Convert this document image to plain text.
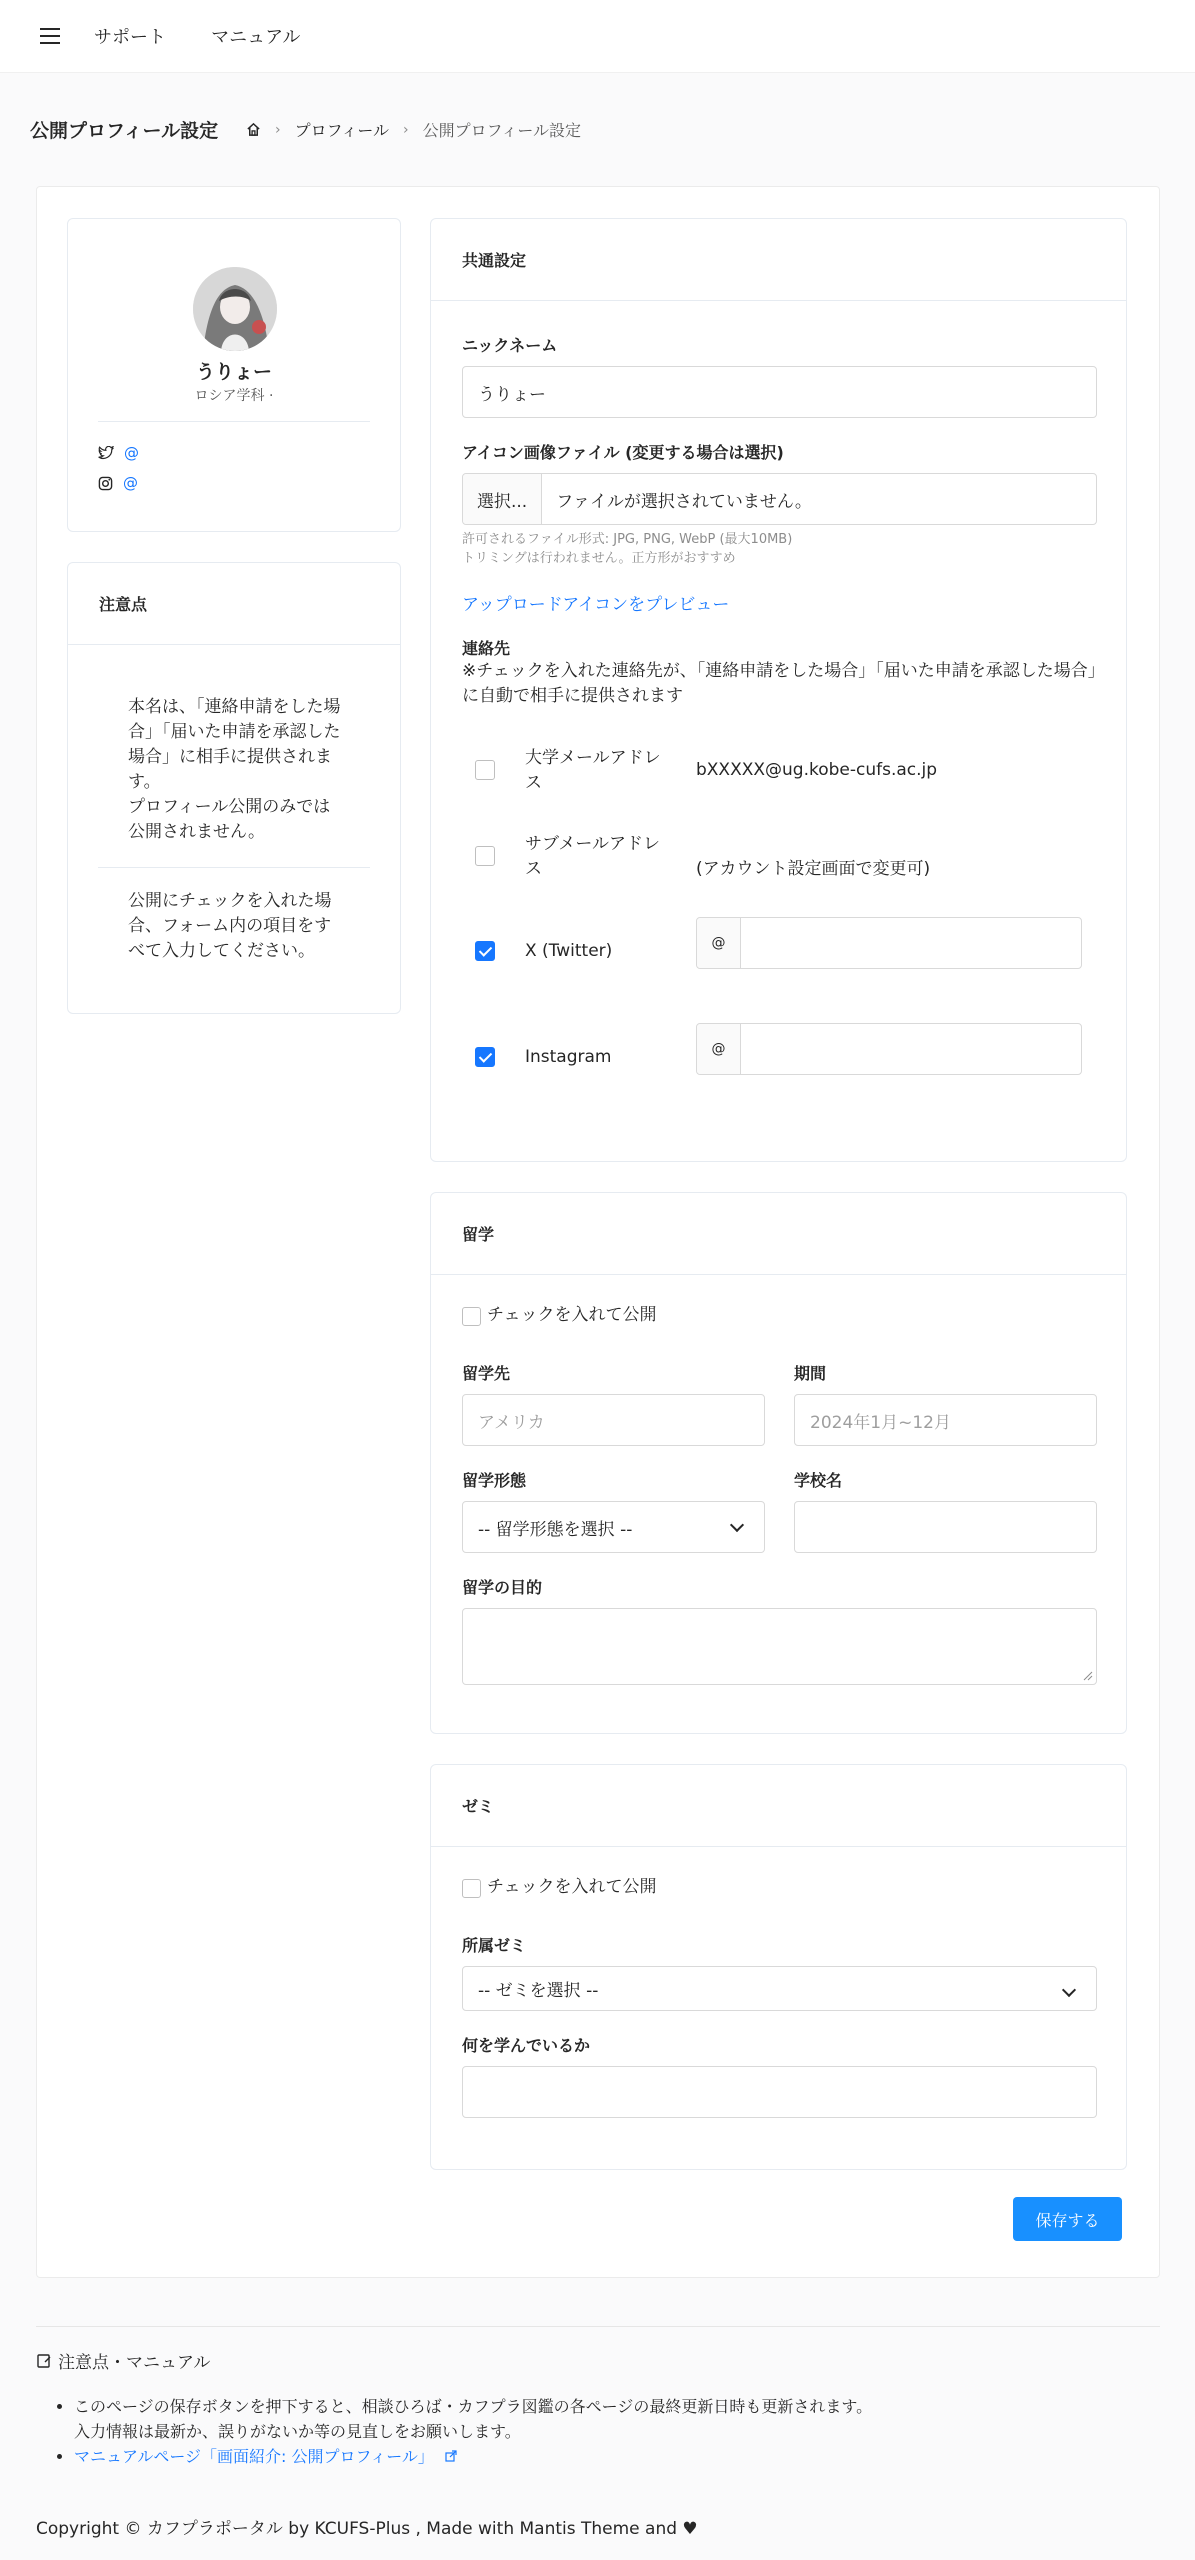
サポート	マニュアル
公開プロフィール設定	› プロフィール › 公開プロフィール設定
うりょー
ロシア学科 ·
@
@
注意点
本名は、「連絡申請をした場合」「届いた申請を承認した場合」に相手に提供されます。
プロフィール公開のみでは公開されません。
公開にチェックを入れた場合、フォーム内の項目をすべて入力してください。
共通設定
ニックネーム
うりょー
アイコン画像ファイル (変更する場合は選択)
選択...	ファイルが選択されていません。
許可されるファイル形式: JPG, PNG, WebP (最大10MB)
トリミングは行われません。正方形がおすすめ
アップロードアイコンをプレビュー
連絡先
※チェックを入れた連絡先が、「連絡申請をした場合」「届いた申請を承認した場合」に自動で相手に提供されます
大学メールアドレス
bXXXXX@ug.kobe-cufs.ac.jp
サブメールアドレス	(アカウント設定画面で変更可)
X (Twitter)	@
Instagram	@
留学
チェックを入れて公開
留学先
アメリカ
期間
2024年1月~12月
留学形態
-- 留学形態を選択 --
学校名
留学の目的
ゼミ
チェックを入れて公開
所属ゼミ
-- ゼミを選択 --
何を学んでいるか
保存する
注意点・マニュアル
• このページの保存ボタンを押下すると、相談ひろば・カフプラ図鑑の各ページの最終更新日時も更新されます。
入力情報は最新か、誤りがないか等の見直しをお願いします。
• マニュアルページ「画面紹介: 公開プロフィール」
Copyright © カフプラポータル by KCUFS-Plus , Made with Mantis Theme and ♥
